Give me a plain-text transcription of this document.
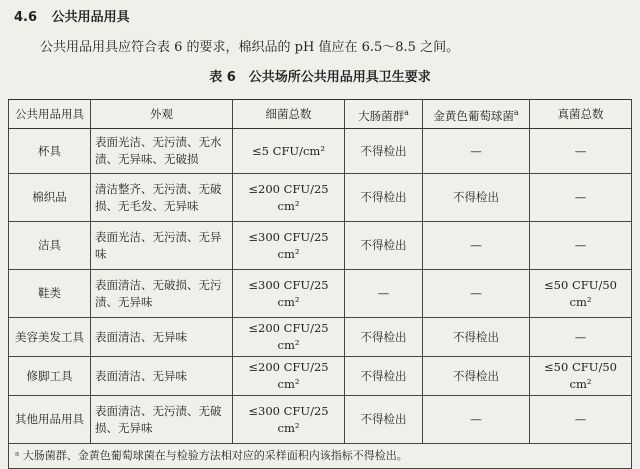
4.6 公共用品用具
公共用品用具应符合表 6 的要求，棉织品的 pH 值应在 6.5～8.5 之间。
表 6　公共场所公共用品用具卫生要求
公共用品用具	外观	细菌总数	大肠菌群$^a$	金黄色葡萄球菌$^a$	真菌总数
杯具	表面光洁、无污渍、无水渍、无异味、无破损	≤5 CFU/cm²	不得检出	—	—
棉织品	清洁整齐、无污渍、无破损、无毛发、无异味	≤200 CFU/25 cm²	不得检出	不得检出	—
洁具	表面光洁、无污渍、无异味	≤300 CFU/25 cm²	不得检出	—	—
鞋类	表面清洁、无破损、无污渍、无异味	≤300 CFU/25 cm²	—	—	≤50 CFU/50 cm²
美容美发工具	表面清洁、无异味	≤200 CFU/25 cm²	不得检出	不得检出	—
修脚工具	表面清洁、无异味	≤200 CFU/25 cm²	不得检出	不得检出	≤50 CFU/50 cm²
其他用品用具	表面清洁、无污渍、无破损、无异味	≤300 CFU/25 cm²	不得检出	—	—
ᵃ 大肠菌群、金黄色葡萄球菌在与检验方法相对应的采样面积内该指标不得检出。					
